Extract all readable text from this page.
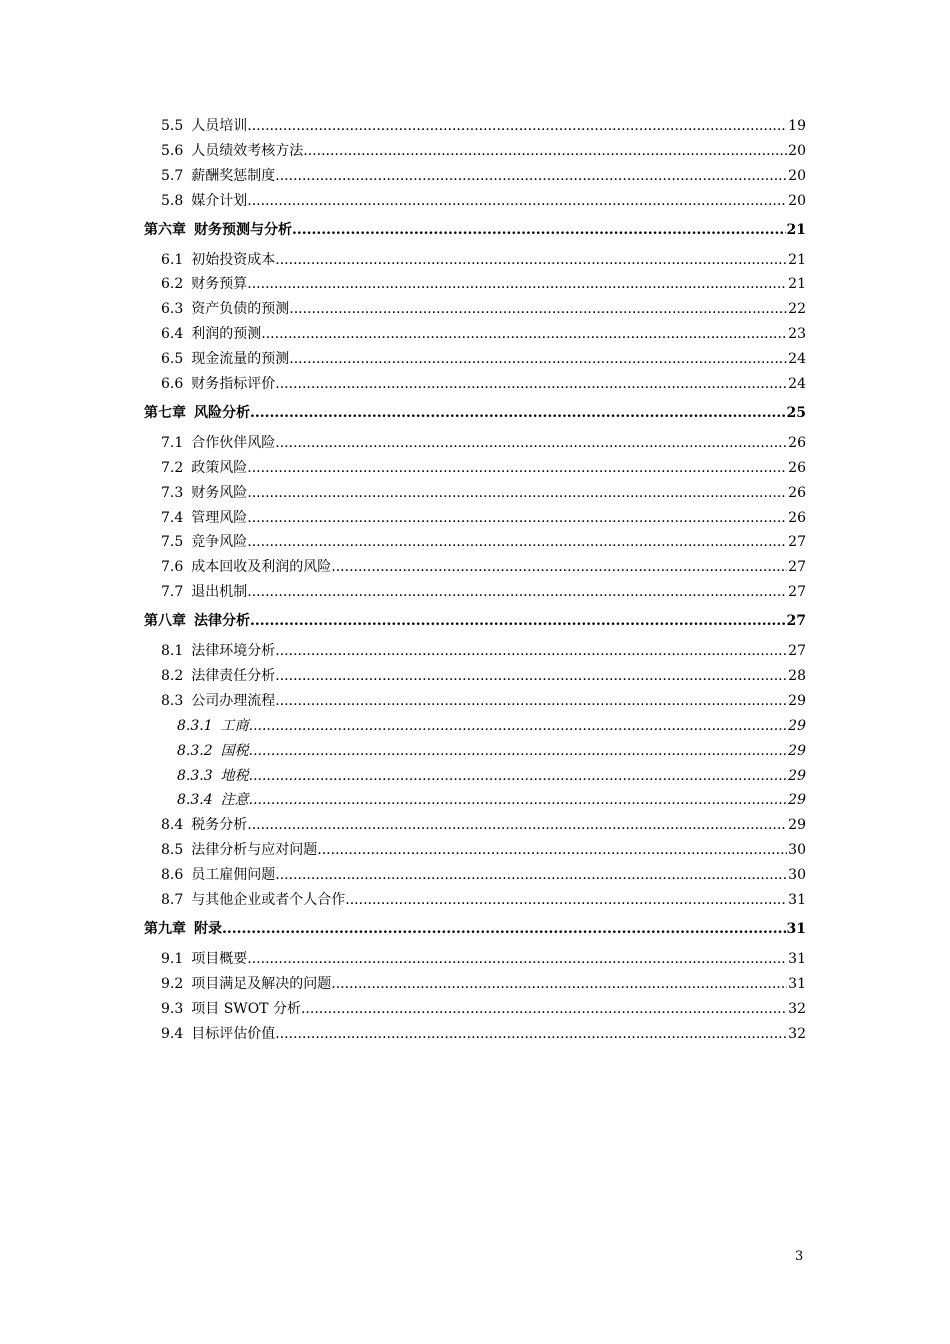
5.5 人员培训 .....	19
5.6 人员绩效考核方法 .....	20
5.7 薪酬奖惩制度 .....	20
5.8 媒介计划 .....	20
第六章 财务预测与分析 .....	21
6.1 初始投资成本 .....	21
6.2 财务预算 .....	21
6.3 资产负债的预测 .....	22
6.4 利润的预测 .....	23
6.5 现金流量的预测 .....	24
6.6 财务指标评价 .....	24
第七章 风险分析 .....	25
7.1 合作伙伴风险 .....	26
7.2 政策风险 .....	26
7.3 财务风险 .....	26
7.4 管理风险 .....	26
7.5 竞争风险 .....	27
7.6 成本回收及利润的风险 .....	27
7.7 退出机制 .....	27
第八章 法律分析 .....	27
8.1 法律环境分析 .....	27
8.2 法律责任分析 .....	28
8.3 公司办理流程 .....	29
8.3.1 工商 .....	29
8.3.2 国税 .....	29
8.3.3 地税 .....	29
8.3.4 注意 .....	29
8.4 税务分析 .....	29
8.5 法律分析与应对问题 .....	30
8.6 员工雇佣问题 .....	30
8.7 与其他企业或者个人合作 .....	31
第九章 附录 .....	31
9.1 项目概要 .....	31
9.2 项目满足及解决的问题 .....	31
9.3 项目 SWOT 分析 .....	32
9.4 目标评估价值 .....	32
3
